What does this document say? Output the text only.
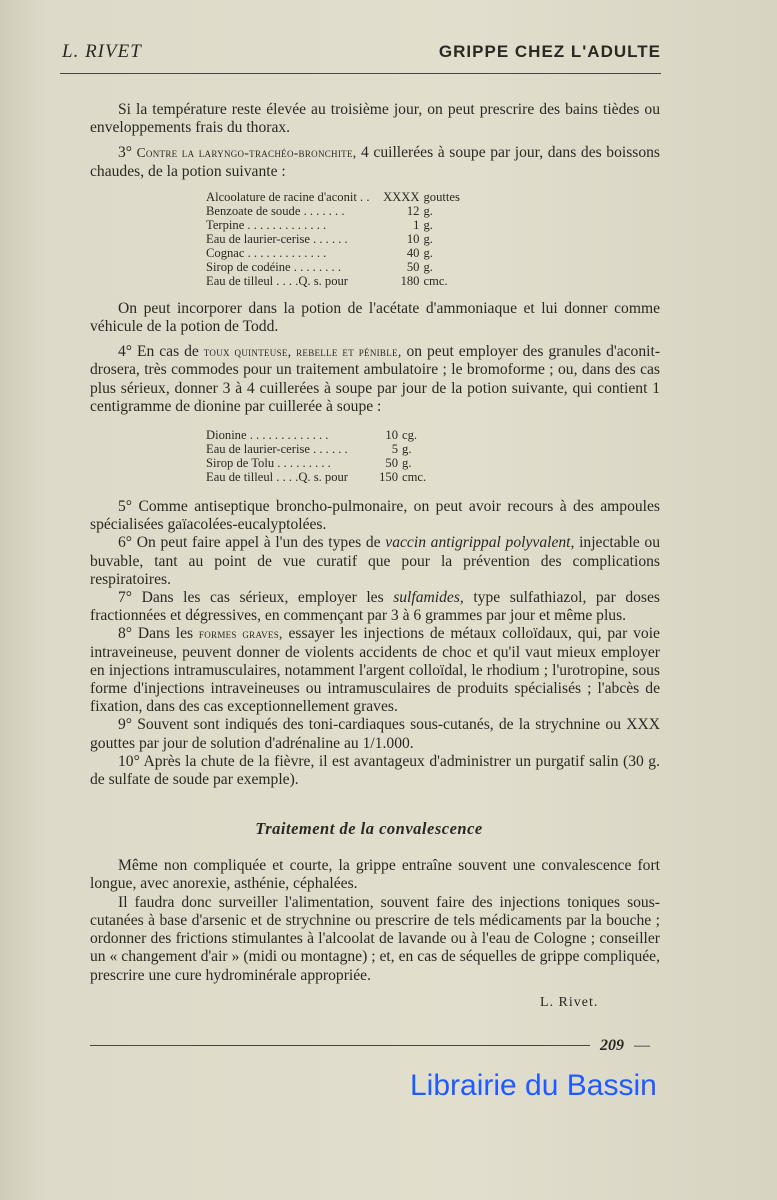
L. RIVET	GRIPPE CHEZ L'ADULTE

Si la température reste élevée au troisième jour, on peut prescrire des bains tièdes ou enveloppements frais du thorax.

3° Contre la laryngo-trachéo-bronchite, 4 cuillerées à soupe par jour, dans des boissons chaudes, de la potion suivante :

Alcoolature de racine d'aconit . .	XXXX	gouttes
Benzoate de soude . . . . . . .	12	g.
Terpine . . . . . . . . . . . . .	1	g.
Eau de laurier-cerise . . . . . .	10	g.
Cognac . . . . . . . . . . . . .	40	g.
Sirop de codéine . . . . . . . .	50	g.
Eau de tilleul . . . .Q. s. pour	180	cmc.

On peut incorporer dans la potion de l'acétate d'ammoniaque et lui donner comme véhicule de la potion de Todd.

4° En cas de toux quinteuse, rebelle et pénible, on peut employer des granules d'aconit-drosera, très commodes pour un traitement ambulatoire ; le bromoforme ; ou, dans des cas plus sérieux, donner 3 à 4 cuillerées à soupe par jour de la potion suivante, qui contient 1 centigramme de dionine par cuillerée à soupe :

Dionine . . . . . . . . . . . . .	10	cg.
Eau de laurier-cerise . . . . . .	5	g.
Sirop de Tolu . . . . . . . . .	50	g.
Eau de tilleul . . . .Q. s. pour	150	cmc.

5° Comme antiseptique broncho-pulmonaire, on peut avoir recours à des ampoules spécialisées gaïacolées-eucalyptolées.

6° On peut faire appel à l'un des types de vaccin antigrippal polyvalent, injectable ou buvable, tant au point de vue curatif que pour la prévention des complications respiratoires.

7° Dans les cas sérieux, employer les sulfamides, type sulfathiazol, par doses fractionnées et dégressives, en commençant par 3 à 6 grammes par jour et même plus.

8° Dans les formes graves, essayer les injections de métaux colloïdaux, qui, par voie intraveineuse, peuvent donner de violents accidents de choc et qu'il vaut mieux employer en injections intramusculaires, notamment l'argent colloïdal, le rhodium ; l'urotropine, sous forme d'injections intraveineuses ou intramusculaires de produits spécialisés ; l'abcès de fixation, dans des cas exceptionnellement graves.

9° Souvent sont indiqués des toni-cardiaques sous-cutanés, de la strychnine ou XXX gouttes par jour de solution d'adrénaline au 1/1.000.

10° Après la chute de la fièvre, il est avantageux d'administrer un purgatif salin (30 g. de sulfate de soude par exemple).

Traitement de la convalescence

Même non compliquée et courte, la grippe entraîne souvent une convalescence fort longue, avec anorexie, asthénie, céphalées.

Il faudra donc surveiller l'alimentation, souvent faire des injections toniques sous-cutanées à base d'arsenic et de strychnine ou prescrire de tels médicaments par la bouche ; ordonner des frictions stimulantes à l'alcoolat de lavande ou à l'eau de Cologne ; conseiller un « changement d'air » (midi ou montagne) ; et, en cas de séquelles de grippe compliquée, prescrire une cure hydrominérale appropriée.

L. Rivet.
209 —
Librairie du Bassin
